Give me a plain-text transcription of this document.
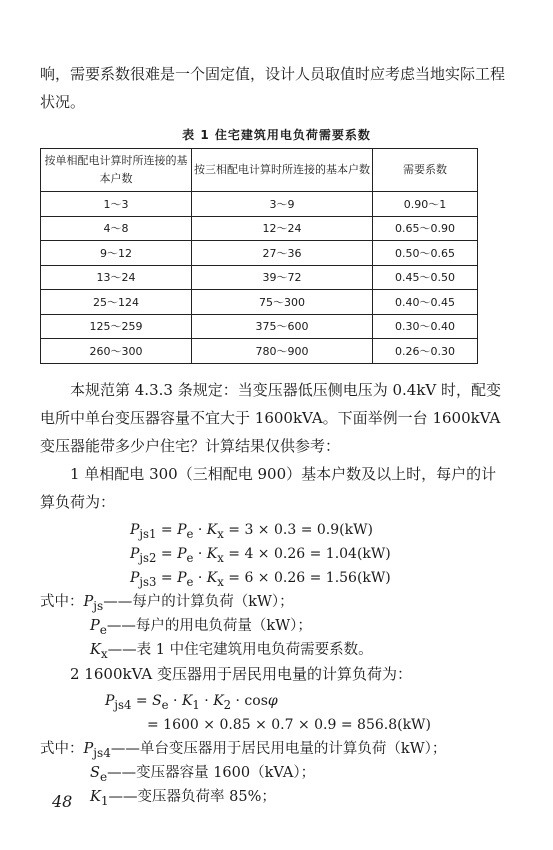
响，需要系数很难是一个固定值，设计人员取值时应考虑当地实际工程状况。

表 1 住宅建筑用电负荷需要系数
按单相配电计算时所连接的基本户数	按三相配电计算时所连接的基本户数	需要系数
1～3	3～9	0.90～1
4～8	12～24	0.65～0.90
9～12	27～36	0.50～0.65
13～24	39～72	0.45～0.50
25～124	75～300	0.40～0.45
125～259	375～600	0.30～0.40
260～300	780～900	0.26～0.30

本规范第 4.3.3 条规定：当变压器低压侧电压为 0.4kV 时，配变电所中单台变压器容量不宜大于 1600kVA。下面举例一台 1600kVA 变压器能带多少户住宅？计算结果仅供参考：

1 单相配电 300（三相配电 900）基本户数及以上时，每户的计算负荷为：

$P_{js1} = P_e \cdot K_x = 3 \times 0.3 = 0.9(kW)$
$P_{js2} = P_e \cdot K_x = 4 \times 0.26 = 1.04(kW)$
$P_{js3} = P_e \cdot K_x = 6 \times 0.26 = 1.56(kW)$
式中：$P_{js}——$每户的计算负荷（kW）；
$P_e——$每户的用电负荷量（kW）；
$K_x——$表 1 中住宅建筑用电负荷需要系数。

2 1600kVA 变压器用于居民用电量的计算负荷为：

$P_{js4} = S_e \cdot K_1 \cdot K_2 \cdot \cos\varphi$
= 1600 × 0.85 × 0.7 × 0.9 = 856.8(kW)
式中：$P_{js4}——$单台变压器用于居民用电量的计算负荷（kW）；
$S_e——$变压器容量 1600（kVA）；
$K_1——$变压器负荷率 85%；
48
